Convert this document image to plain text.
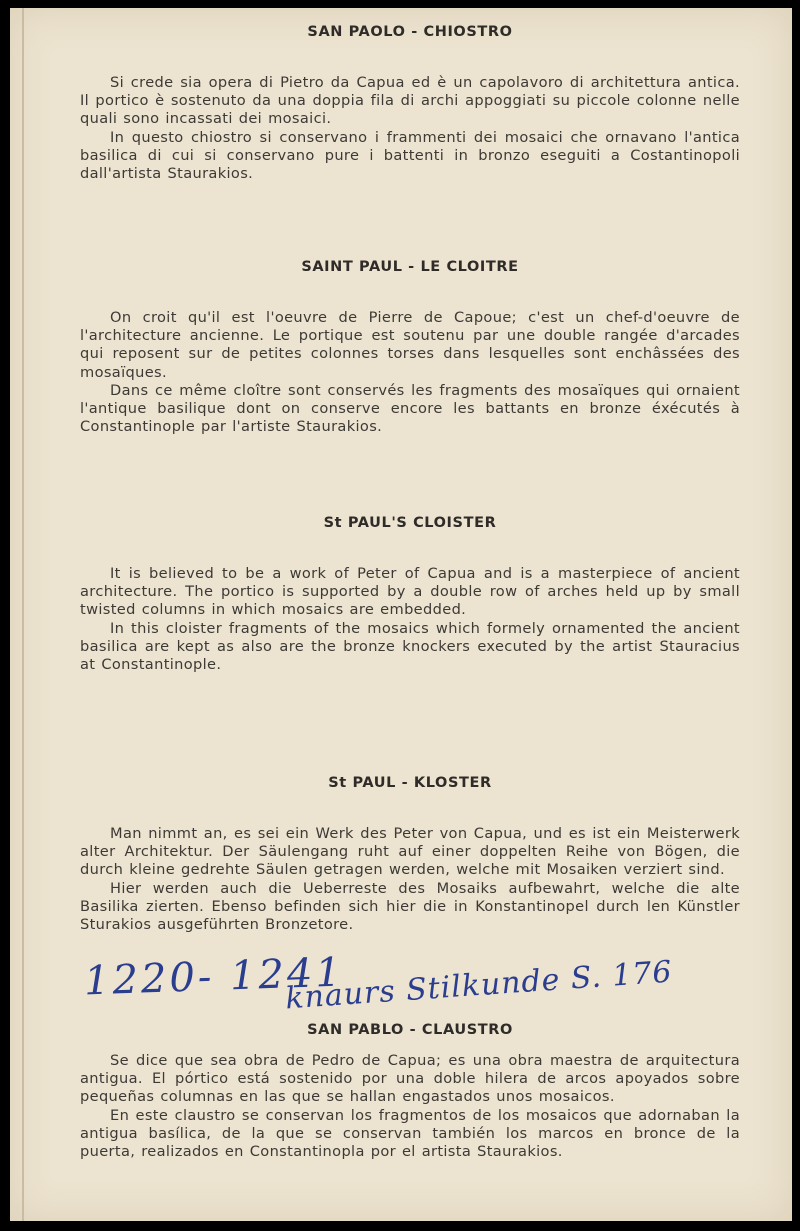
SAN PAOLO - CHIOSTRO

Si crede sia opera di Pietro da Capua ed è un capolavoro di architettura antica. Il portico è sostenuto da una doppia fila di archi appoggiati su piccole colonne nelle quali sono incassati dei mosaici.

In questo chiostro si conservano i frammenti dei mosaici che ornavano l'antica basilica di cui si conservano pure i battenti in bronzo eseguiti a Costantinopoli dall'artista Staurakios.

SAINT PAUL - LE CLOITRE

On croit qu'il est l'oeuvre de Pierre de Capoue; c'est un chef-d'oeuvre de l'architecture ancienne. Le portique est soutenu par une double rangée d'arcades qui reposent sur de petites colonnes torses dans lesquelles sont enchâssées des mosaïques.

Dans ce même cloître sont conservés les fragments des mosaïques qui ornaient l'antique basilique dont on conserve encore les battants en bronze éxécutés à Constantinople par l'artiste Staurakios.

St PAUL'S CLOISTER

It is believed to be a work of Peter of Capua and is a masterpiece of ancient architecture. The portico is supported by a double row of arches held up by small twisted columns in which mosaics are embedded.

In this cloister fragments of the mosaics which formely ornamented the ancient basilica are kept as also are the bronze knockers executed by the artist Stauracius at Constantinople.

St PAUL - KLOSTER

Man nimmt an, es sei ein Werk des Peter von Capua, und es ist ein Meisterwerk alter Architektur. Der Säulengang ruht auf einer doppelten Reihe von Bögen, die durch kleine gedrehte Säulen getragen werden, welche mit Mosaiken verziert sind.

Hier werden auch die Ueberreste des Mosaiks aufbewahrt, welche die alte Basilika zierten. Ebenso befinden sich hier die in Konstantinopel durch len Künstler Sturakios ausgeführten Bronzetore.

1220- 1241
knaurs Stilkunde S. 176
SAN PABLO - CLAUSTRO

Se dice que sea obra de Pedro de Capua; es una obra maestra de arquitectura antigua. El pórtico está sostenido por una doble hilera de arcos apoyados sobre pequeñas columnas en las que se hallan engastados unos mosaicos.

En este claustro se conservan los fragmentos de los mosaicos que adornaban la antigua basílica, de la que se conservan también los marcos en bronce de la puerta, realizados en Constantinopla por el artista Staurakios.
